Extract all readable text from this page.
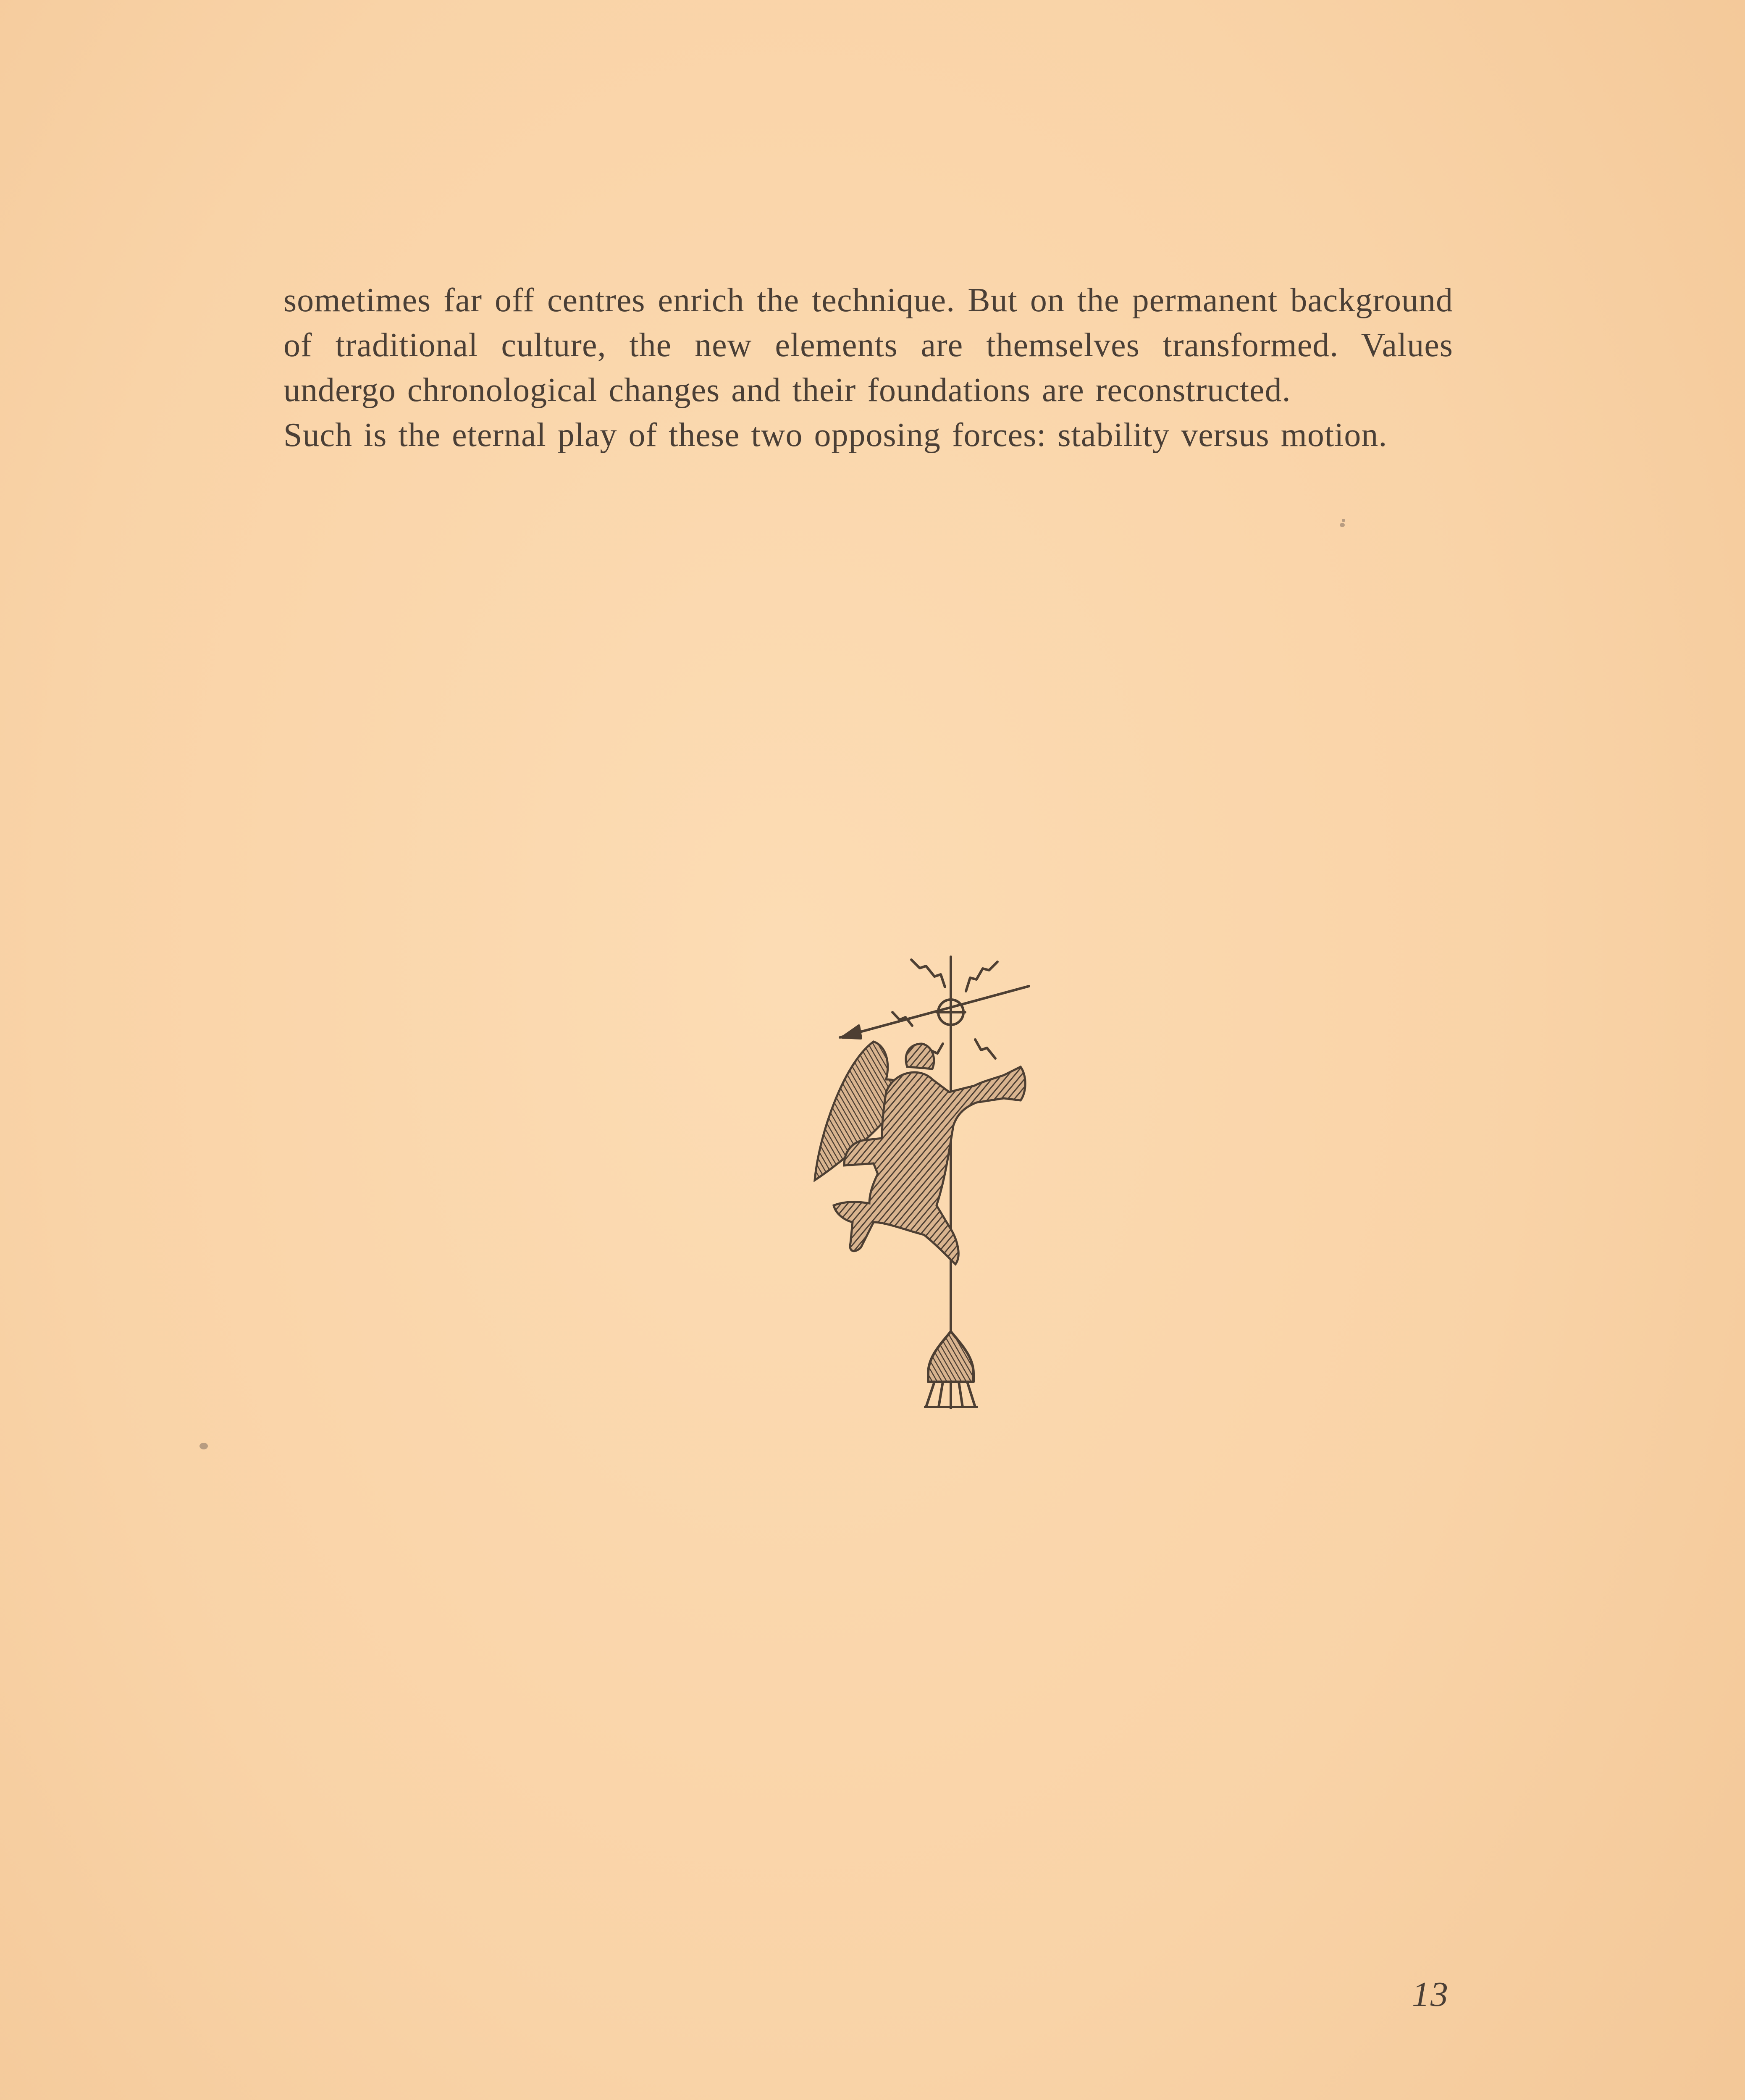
sometimes far off centres enrich the technique. But on the permanent background of traditional culture, the new elements are themselves transformed. Values undergo chronological changes and their foundations are reconstructed.

Such is the eternal play of these two opposing forces: stability versus motion.

13
